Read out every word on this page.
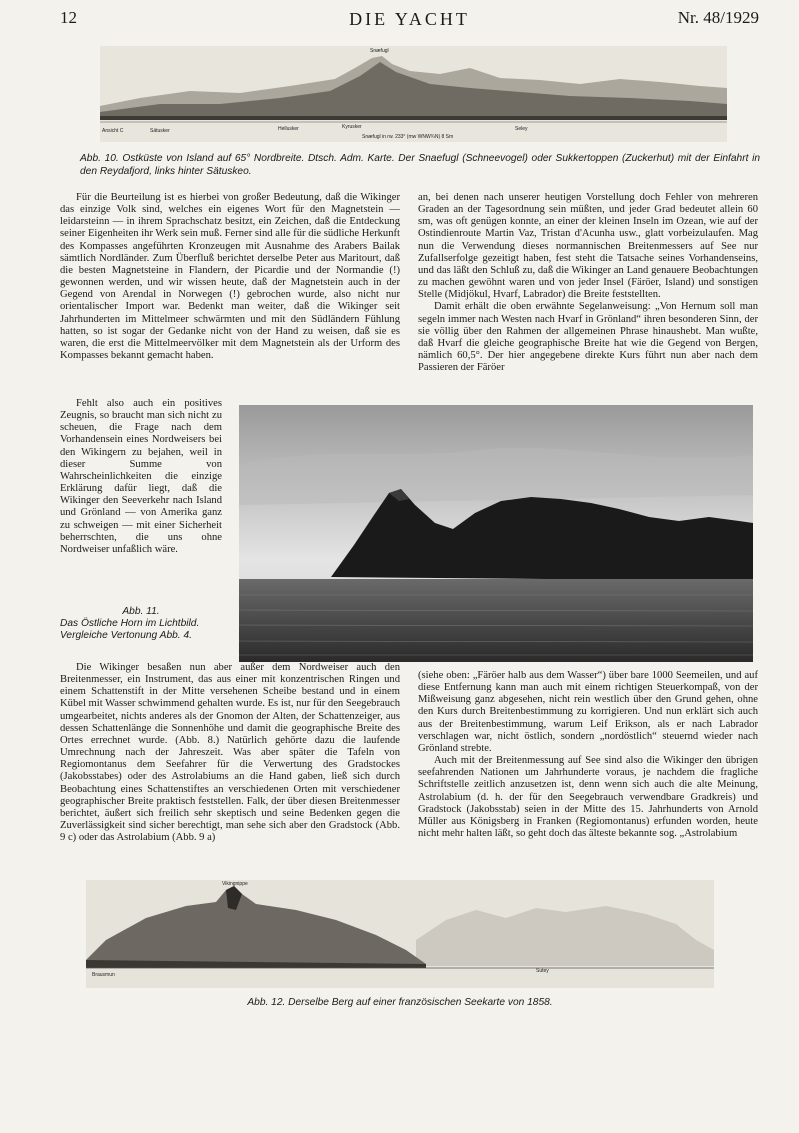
12	DIE YACHT	Nr. 48/1929
Snæfugl
Ansicht C	Sätusker	Hellusker	Kyrusker	Seley
Snæfugl in rw. 233° (mw WNW¾N) 8 Sm
Abb. 10. Ostküste von Island auf 65° Nordbreite. Dtsch. Adm. Karte. Der Snaefugl (Schneevogel) oder Sukkertoppen (Zuckerhut) mit der Einfahrt in den Reydafjord, links hinter Sätuskeo.

Für die Beurteilung ist es hierbei von großer Bedeutung, daß die Wikinger das einzige Volk sind, welches ein eigenes Wort für den Magnetstein — leidarsteinn — in ihrem Sprachschatz besitzt, ein Zeichen, daß die Entdeckung seiner Eigenheiten ihr Werk sein muß. Ferner sind alle für die südliche Herkunft des Kompasses angeführten Kronzeugen mit Ausnahme des Arabers Bailak sämtlich Nordländer. Zum Überfluß berichtet derselbe Peter aus Maritourt, daß die besten Magnetsteine in Flandern, der Picardie und der Normandie (!) gewonnen werden, und wir wissen heute, daß der Magnetstein auch in der Gegend von Arendal in Norwegen (!) gebrochen wurde, also nicht nur orientalischer Import war. Bedenkt man weiter, daß die Wikinger seit Jahrhunderten im Mittelmeer schwärmten und mit den Südländern Fühlung hatten, so ist sogar der Gedanke nicht von der Hand zu weisen, daß sie es waren, die erst die Mittelmeervölker mit dem Magnetstein als der Urform des Kompasses bekannt gemacht haben.

Fehlt also auch ein positives Zeugnis, so braucht man sich nicht zu scheuen, die Frage nach dem Vorhandensein eines Nordweisers bei den Wikingern zu bejahen, weil in dieser Summe von Wahrscheinlichkeiten die einzige Erklärung dafür liegt, daß die Wikinger den Seeverkehr nach Island und Grönland — von Amerika ganz zu schweigen — mit einer Sicherheit beherrschten, die uns ohne Nordweiser unfaßlich wäre.

Abb. 11.
Das Östliche Horn im Lichtbild. Vergleiche Vertonung Abb. 4.

an, bei denen nach unserer heutigen Vorstellung doch Fehler von mehreren Graden an der Tagesordnung sein müßten, und jeder Grad bedeutet allein 60 sm, was oft genügen konnte, an einer der kleinen Inseln im Ozean, wie auf der Ostindienroute Martin Vaz, Tristan d'Acunha usw., glatt vorbeizulaufen. Mag nun die Verwendung dieses normannischen Breitenmessers auf See nur Zufallserfolge gezeitigt haben, fest steht die Tatsache seines Vorhandenseins, und das läßt den Schluß zu, daß die Wikinger an Land genauere Beobachtungen zu machen gewöhnt waren und von jeder Insel (Färöer, Island) und sonstigen Stelle (Midjökul, Hvarf, Labrador) die Breite feststellten.

Damit erhält die oben erwähnte Segelanweisung: „Von Hernum soll man segeln immer nach Westen nach Hvarf in Grönland“ ihren besonderen Sinn, der sie völlig über den Rahmen der allgemeinen Phrase hinaushebt. Man wußte, daß Hvarf die gleiche geographische Breite hat wie die Gegend von Bergen, nämlich 60,5°. Der hier angegebene direkte Kurs führt nun aber nach dem Passieren der Färöer

Die Wikinger besaßen nun aber außer dem Nordweiser auch den Breitenmesser, ein Instrument, das aus einer mit konzentrischen Ringen und einem Schattenstift in der Mitte versehenen Scheibe bestand und in einem Kübel mit Wasser schwimmend gehalten wurde. Es ist, nur für den Seegebrauch umgearbeitet, nichts anderes als der Gnomon der Alten, der Schattenzeiger, aus dessen Schattenlänge die Sonnenhöhe und damit die geographische Breite des Ortes errechnet wurde. (Abb. 8.) Natürlich gehörte dazu die laufende Umrechnung nach der Jahreszeit. Was aber später die Tafeln von Regiomontanus dem Seefahrer für die Verwertung des Gradstockes (Jakobsstabes) oder des Astrolabiums an die Hand gaben, ließ sich durch Beobachtung eines Schattenstiftes an verschiedenen Orten mit verschiedener geographischer Breite praktisch feststellen. Falk, der über diesen Breitenmesser berichtet, äußert sich freilich sehr skeptisch und seine Bedenken gegen die Zuverlässigkeit sind sicher berechtigt, man sehe sich aber den Gradstock (Abb. 9 c) oder das Astrolabium (Abb. 9 a)

(siehe oben: „Färöer halb aus dem Wasser“) über bare 1000 Seemeilen, und auf diese Entfernung kann man auch mit einem richtigen Steuerkompaß, von der Mißweisung ganz abgesehen, nicht rein westlich über den Grund gehen, ohne den Kurs durch Breitenbestimmung zu korrigieren. Und nun erklärt sich auch aus der Breitenbestimmung, warum Leif Erikson, als er nach Labrador verschlagen war, nicht östlich, sondern „nordöstlich“ steuernd wieder nach Grönland strebte.

Auch mit der Breitenmessung auf See sind also die Wikinger den übrigen seefahrenden Nationen um Jahrhunderte voraus, je nachdem die fragliche Schriftstelle zeitlich anzusetzen ist, denn wenn sich auch die alte Meinung, Astrolabium (d. h. der für den Seegebrauch verwendbare Gradkreis) und Gradstock (Jakobsstab) seien in der Mitte des 15. Jahrhunderts von Arnold Müller aus Königsberg in Franken (Regiomontanus) erfunden worden, heute nicht mehr halten läßt, so geht doch das älteste bekannte sog. „Astrolabium

Vikingnippe
Brausmun
Sutey
Abb. 12. Derselbe Berg auf einer französischen Seekarte von 1858.
